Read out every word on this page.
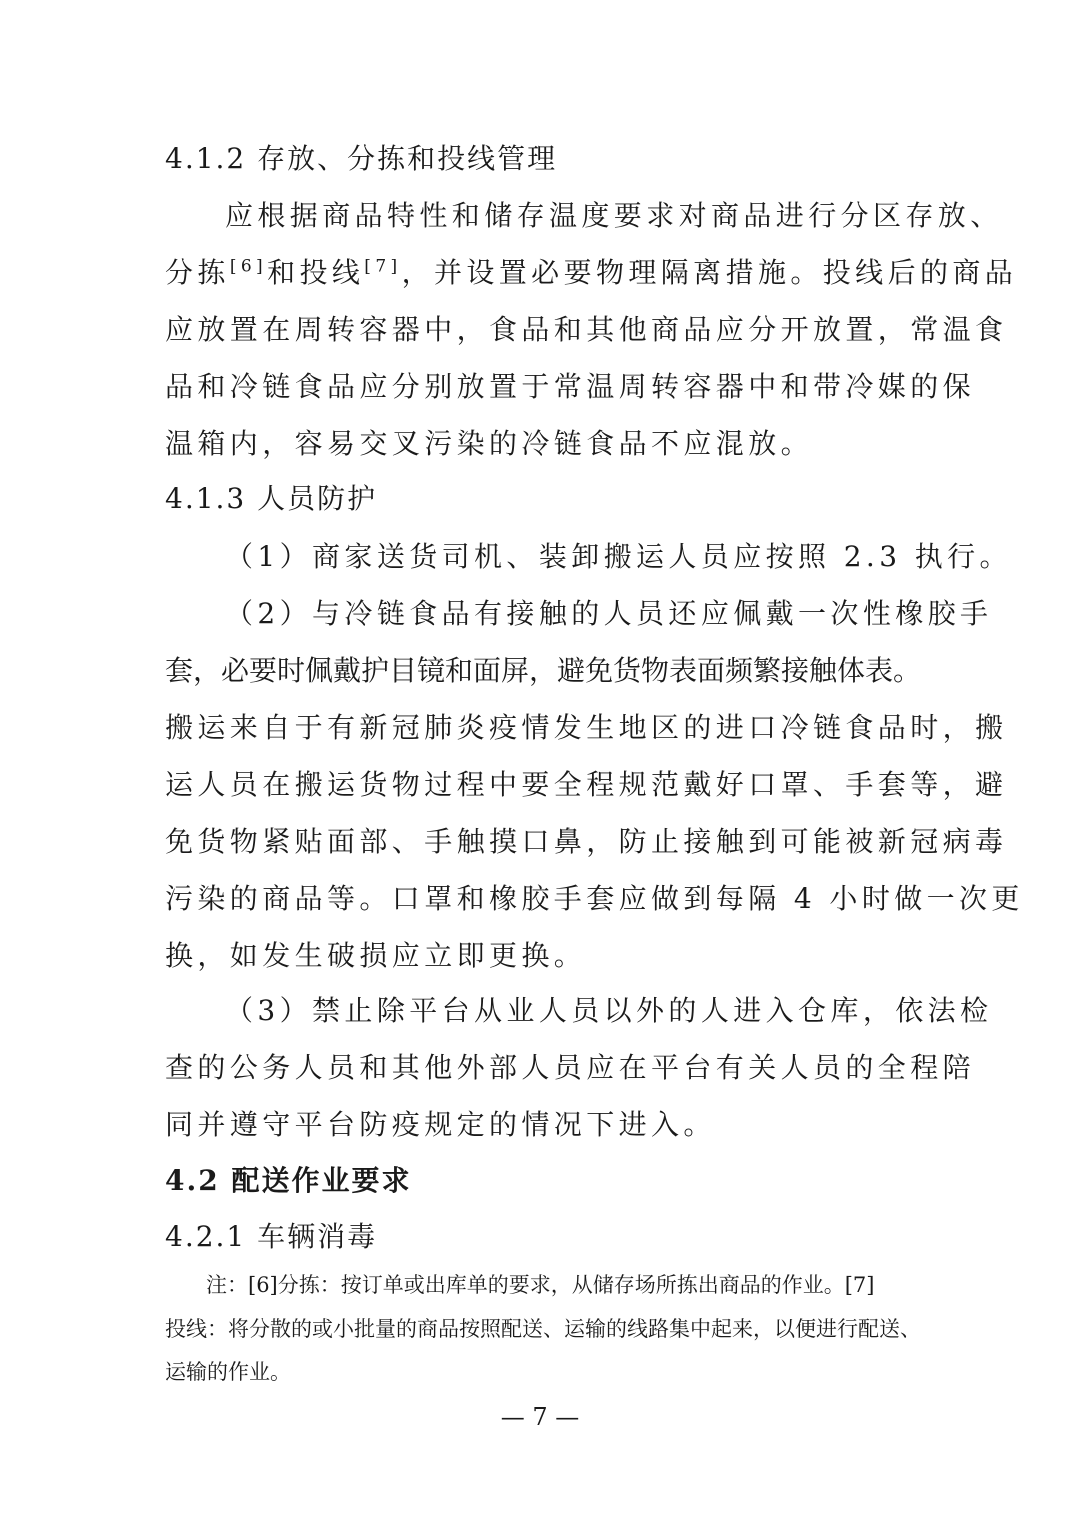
4.1.2 存放、分拣和投线管理
应根据商品特性和储存温度要求对商品进行分区存放、
分拣[6]和投线[7]，并设置必要物理隔离措施。投线后的商品
应放置在周转容器中，食品和其他商品应分开放置，常温食
品和冷链食品应分别放置于常温周转容器中和带冷媒的保
温箱内，容易交叉污染的冷链食品不应混放。
4.1.3 人员防护
（1）商家送货司机、装卸搬运人员应按照 2.3 执行。
（2）与冷链食品有接触的人员还应佩戴一次性橡胶手
套，必要时佩戴护目镜和面屏，避免货物表面频繁接触体表。
搬运来自于有新冠肺炎疫情发生地区的进口冷链食品时，搬
运人员在搬运货物过程中要全程规范戴好口罩、手套等，避
免货物紧贴面部、手触摸口鼻，防止接触到可能被新冠病毒
污染的商品等。口罩和橡胶手套应做到每隔 4 小时做一次更
换，如发生破损应立即更换。
（3）禁止除平台从业人员以外的人进入仓库，依法检
查的公务人员和其他外部人员应在平台有关人员的全程陪
同并遵守平台防疫规定的情况下进入。
4.2 配送作业要求
4.2.1 车辆消毒
注：[6]分拣：按订单或出库单的要求，从储存场所拣出商品的作业。[7]
投线：将分散的或小批量的商品按照配送、运输的线路集中起来，以便进行配送、
运输的作业。
— 7 —
